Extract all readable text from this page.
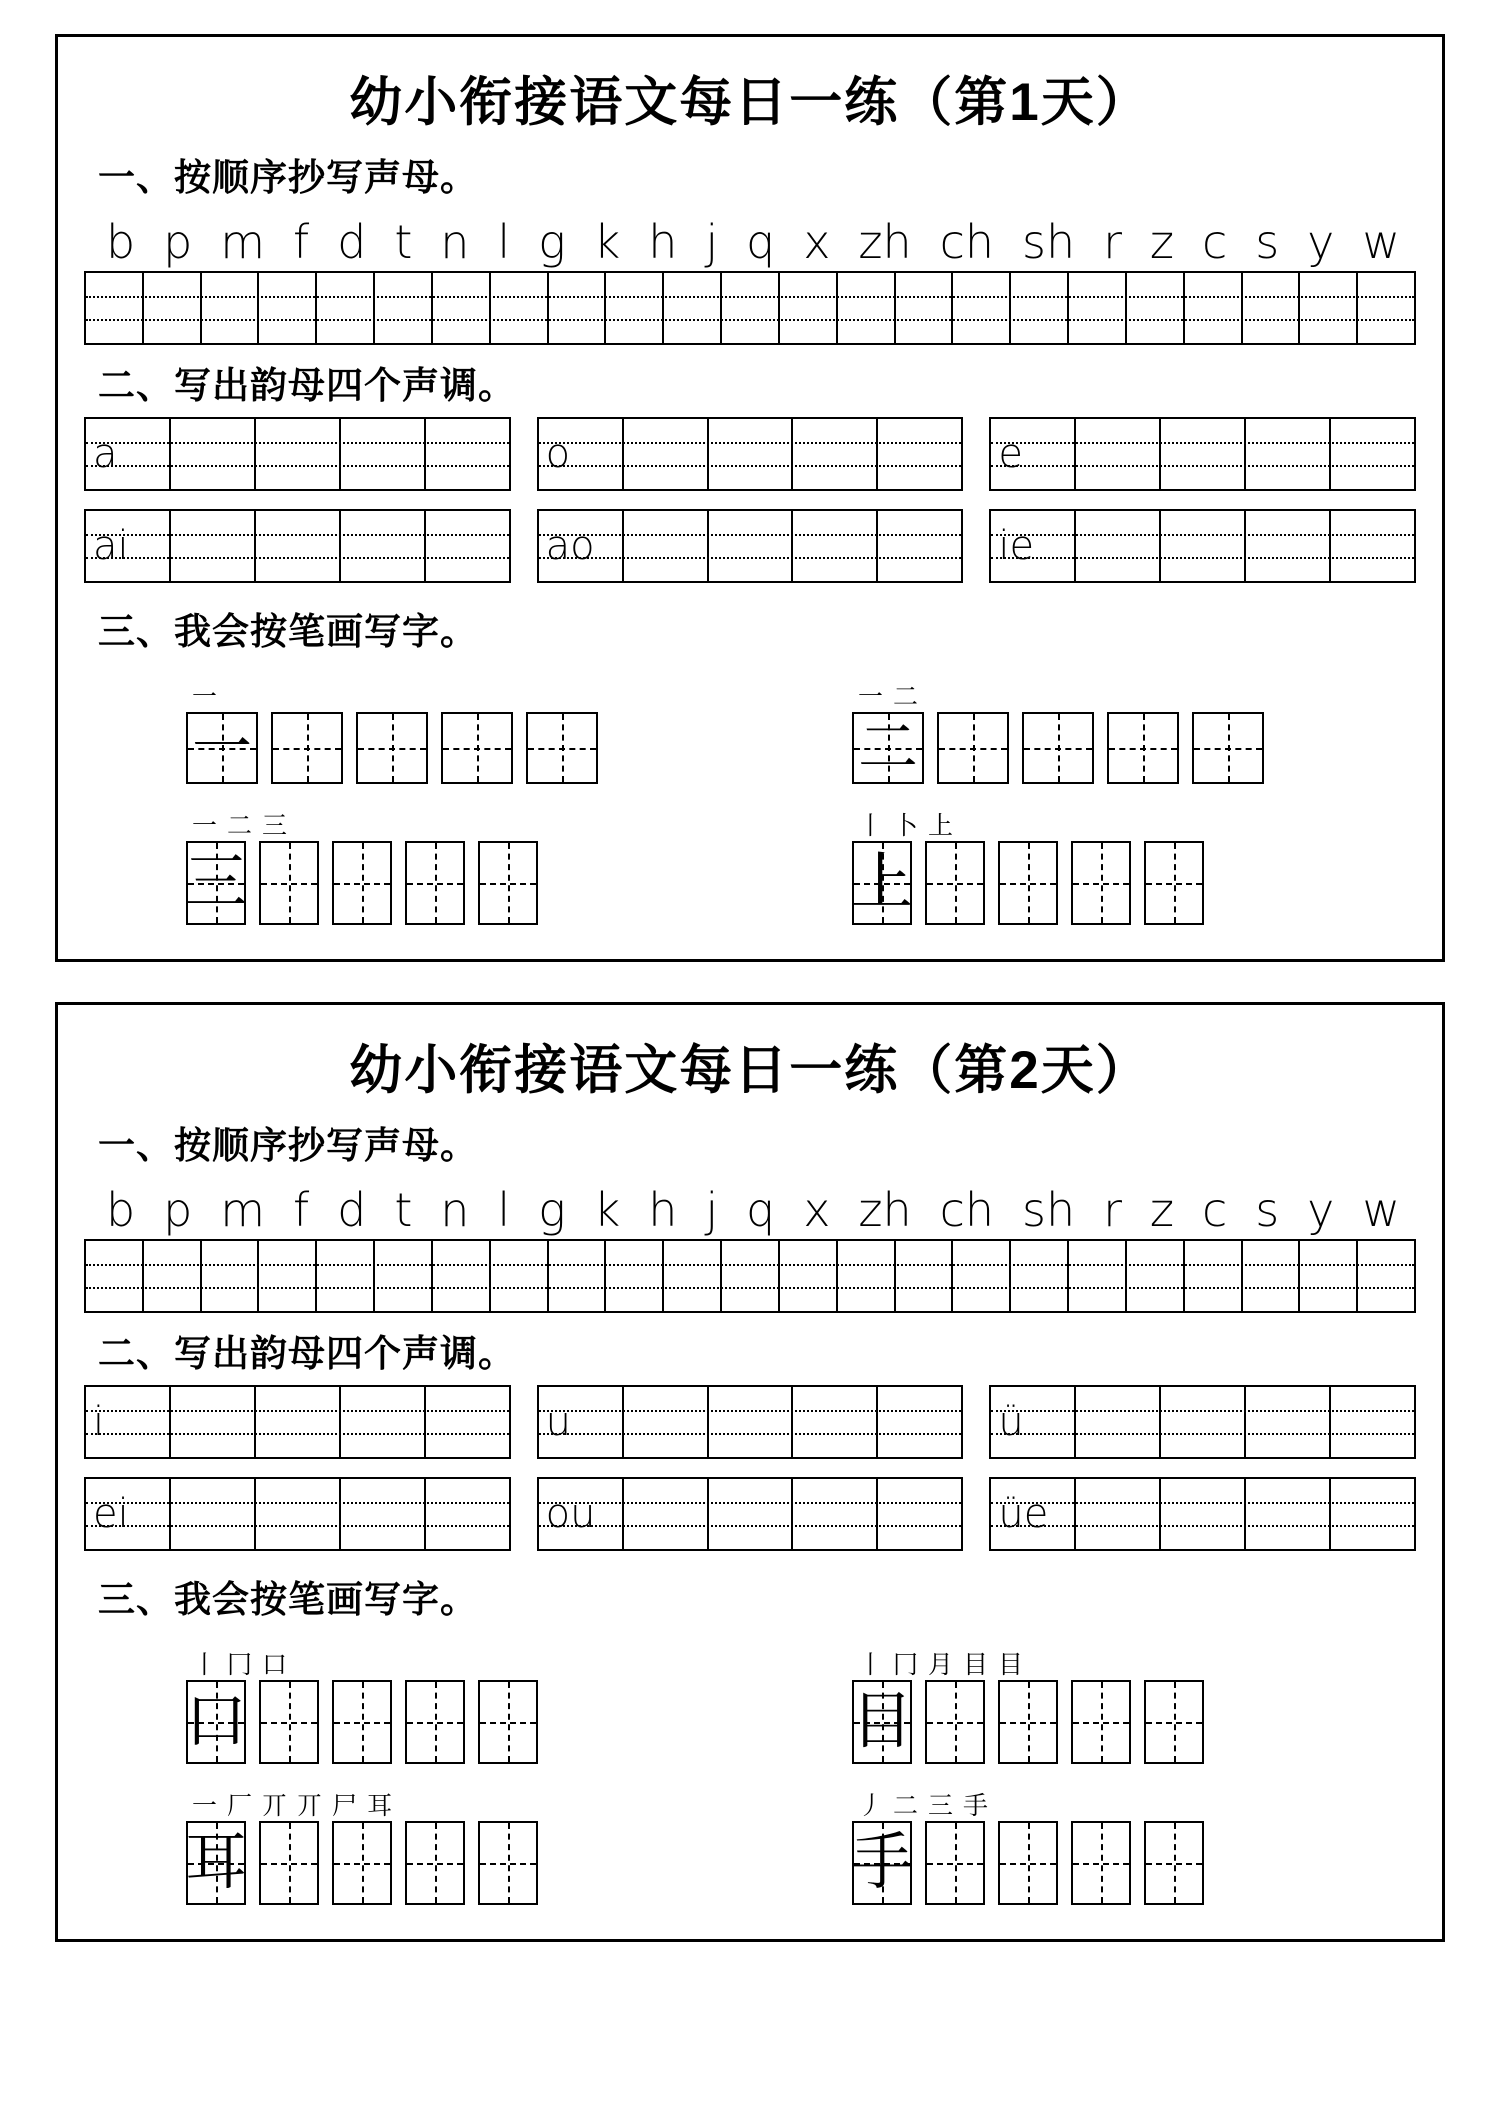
幼小衔接语文每日一练（第1天）
一、按顺序抄写声母。
b p m f d t n l g k h j q x zh ch sh r z c s y w
二、写出韵母四个声调。
a	o	e
ai	ao	ie
三、我会按笔画写字。
一
一
一 二
二
一 二 三
三
丨 卜 上
上
幼小衔接语文每日一练（第2天）
一、按顺序抄写声母。
b p m f d t n l g k h j q x zh ch sh r z c s y w
二、写出韵母四个声调。
i	u	ü
ei	ou	üe
三、我会按笔画写字。
丨 冂 口
口
丨 冂 月 目 目
目
一 厂 丌 丌 尸 耳
耳
丿 二 三 手
手
